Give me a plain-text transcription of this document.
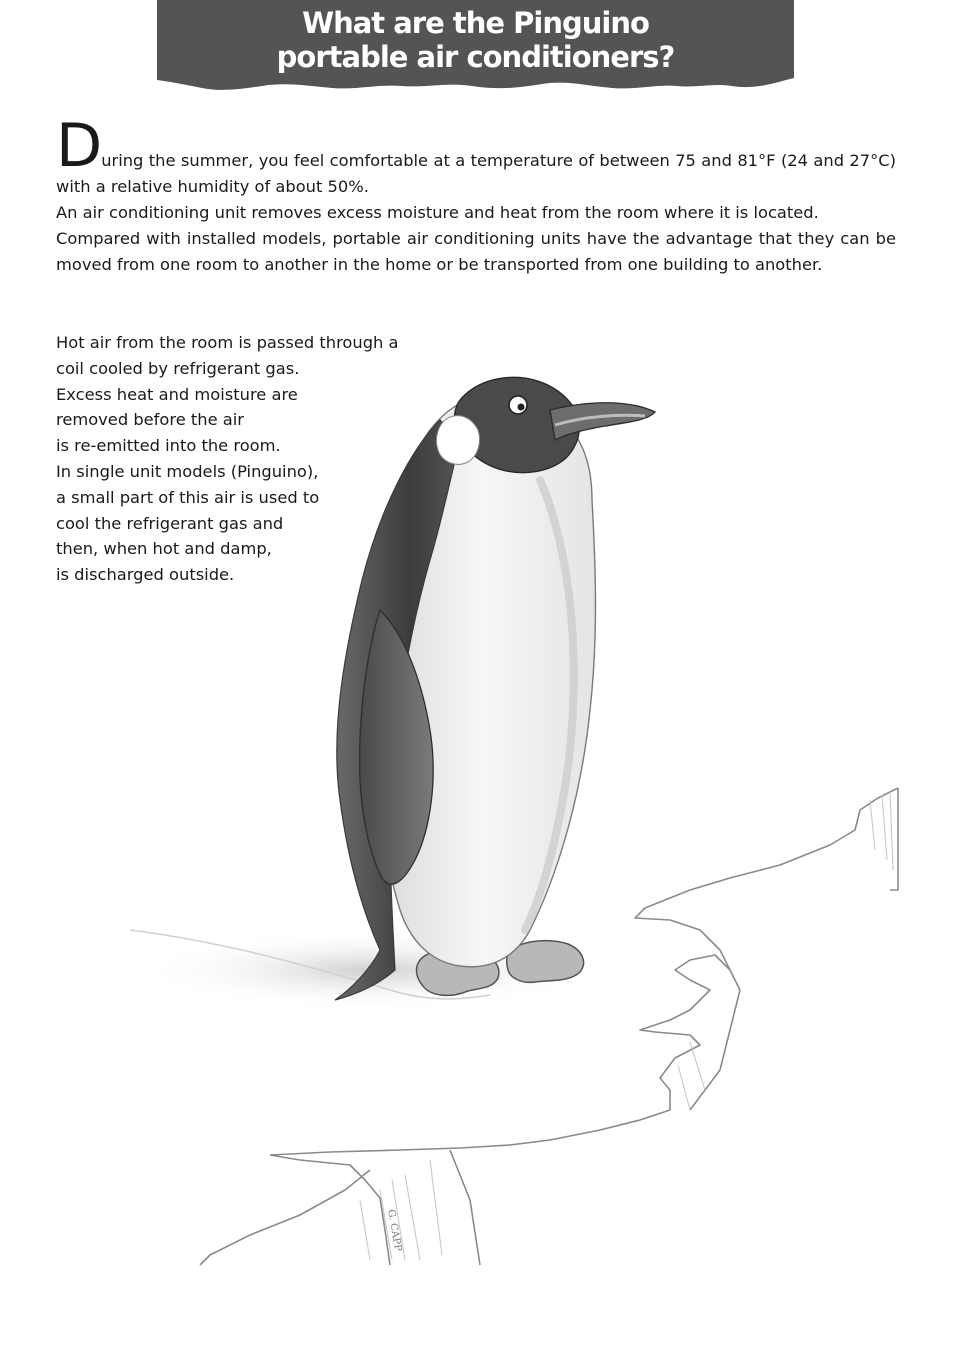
What are the Pinguino
portable air conditioners?

During the summer, you feel comfortable at a temperature of between 75 and 81°F (24 and 27°C) with a relative humidity of about 50%.

An air conditioning unit removes excess moisture and heat from the room where it is located.

Compared with installed models, portable air conditioning units have the advantage that they can be moved from one room to another in the home or be transported from one building to another.

Hot air from the room is passed through a
coil cooled by refrigerant gas.
Excess heat and moisture are
removed before the air
is re-emitted into the room.
In single unit models (Pinguino),
a small part of this air is used to
cool the refrigerant gas and
then, when hot and damp,
is discharged outside.
G. CAPP
